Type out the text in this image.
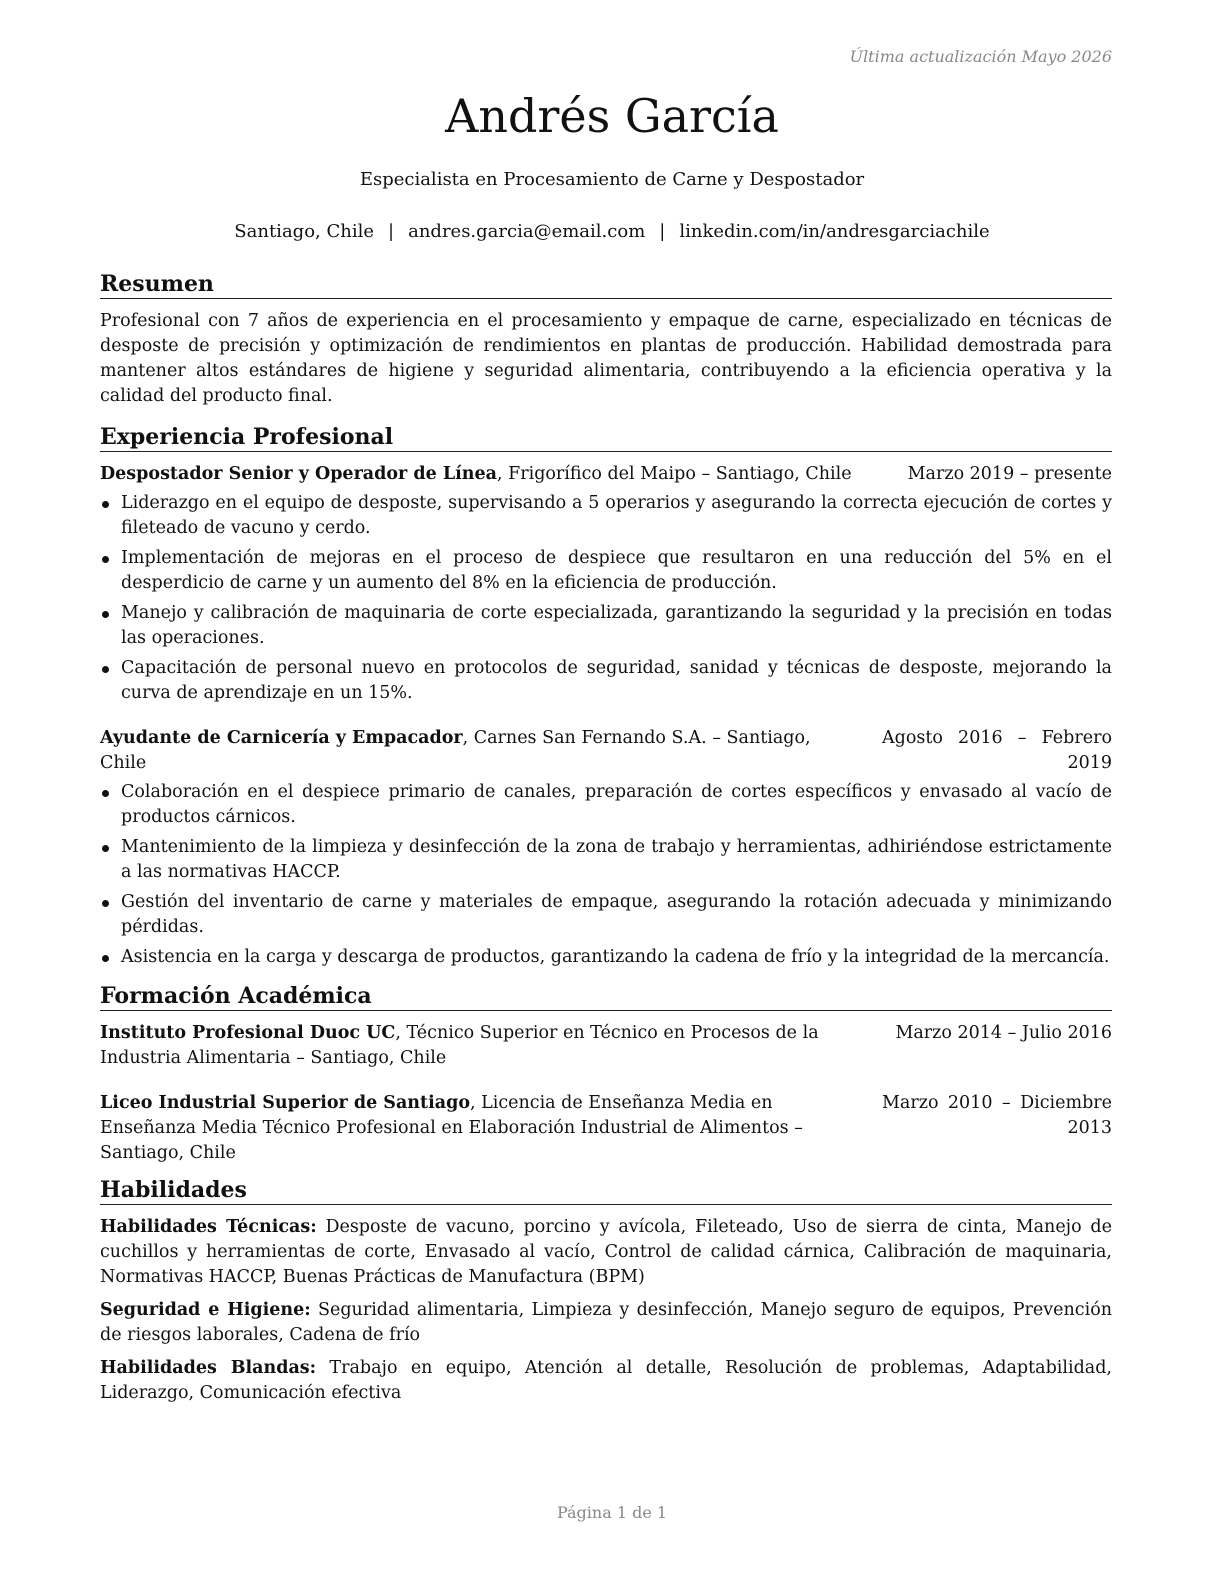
Última actualización Mayo 2026
Andrés García
Especialista en Procesamiento de Carne y Despostador
Santiago, Chile | andres.garcia@email.com | linkedin.com/in/andresgarciachile
Resumen

Profesional con 7 años de experiencia en el procesamiento y empaque de carne, especializado en técnicas de desposte de precisión y optimización de rendimientos en plantas de producción. Habilidad demostrada para mantener altos estándares de higiene y seguridad alimentaria, contribuyendo a la eficiencia operativa y la calidad del producto final.

Experiencia Profesional
Despostador Senior y Operador de Línea, Frigorífico del Maipo – Santiago, Chile	Marzo 2019 – presente
Liderazgo en el equipo de desposte, supervisando a 5 operarios y asegurando la correcta ejecución de cortes y fileteado de vacuno y cerdo.
Implementación de mejoras en el proceso de despiece que resultaron en una reducción del 5% en el desperdicio de carne y un aumento del 8% en la eficiencia de producción.
Manejo y calibración de maquinaria de corte especializada, garantizando la seguridad y la precisión en todas las operaciones.
Capacitación de personal nuevo en protocolos de seguridad, sanidad y técnicas de desposte, mejorando la curva de aprendizaje en un 15%.
Ayudante de Carnicería y Empacador, Carnes San Fernando S.A. – Santiago, Chile
Agosto 2016 – Febrero 2019
Colaboración en el despiece primario de canales, preparación de cortes específicos y envasado al vacío de productos cárnicos.
Mantenimiento de la limpieza y desinfección de la zona de trabajo y herramientas, adhiriéndose estrictamente a las normativas HACCP.
Gestión del inventario de carne y materiales de empaque, asegurando la rotación adecuada y minimizando pérdidas.
Asistencia en la carga y descarga de productos, garantizando la cadena de frío y la integridad de la mercancía.
Formación Académica
Instituto Profesional Duoc UC, Técnico Superior en Técnico en Procesos de la Industria Alimentaria – Santiago, Chile
Marzo 2014 – Julio 2016
Liceo Industrial Superior de Santiago, Licencia de Enseñanza Media en Enseñanza Media Técnico Profesional en Elaboración Industrial de Alimentos – Santiago, Chile
Marzo 2010 – Diciembre 2013
Habilidades
Habilidades Técnicas: Desposte de vacuno, porcino y avícola, Fileteado, Uso de sierra de cinta, Manejo de cuchillos y herramientas de corte, Envasado al vacío, Control de calidad cárnica, Calibración de maquinaria, Normativas HACCP, Buenas Prácticas de Manufactura (BPM)
Seguridad e Higiene: Seguridad alimentaria, Limpieza y desinfección, Manejo seguro de equipos, Prevención de riesgos laborales, Cadena de frío
Habilidades Blandas: Trabajo en equipo, Atención al detalle, Resolución de problemas, Adaptabilidad, Liderazgo, Comunicación efectiva
Página 1 de 1
